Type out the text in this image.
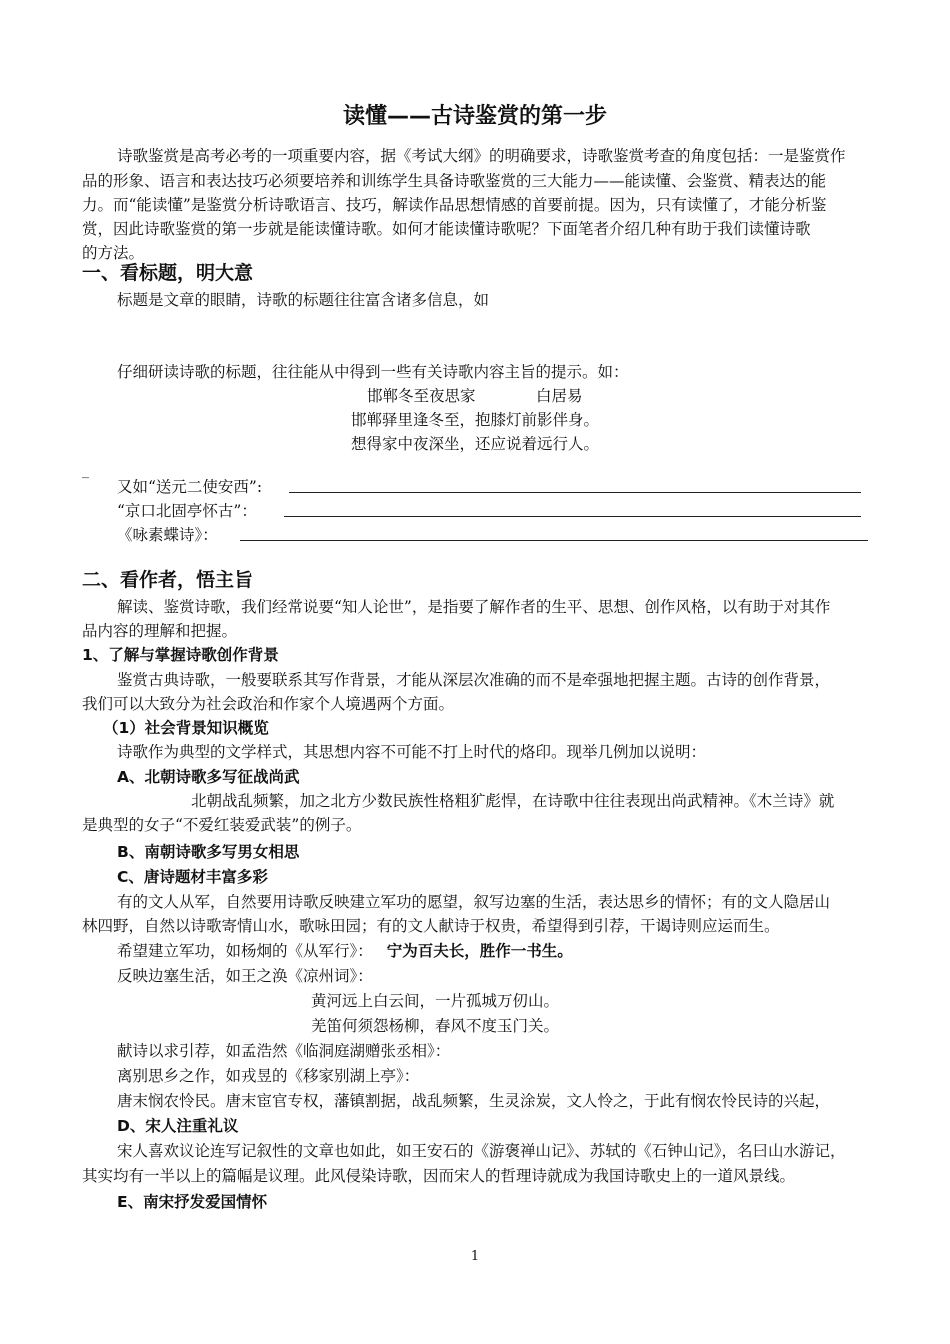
读懂——古诗鉴赏的第一步
诗歌鉴赏是高考必考的一项重要内容，据《考试大纲》的明确要求，诗歌鉴赏考查的角度包括：一是鉴赏作
品的形象、语言和表达技巧必须要培养和训练学生具备诗歌鉴赏的三大能力——能读懂、会鉴赏、精表达的能
力。而“能读懂”是鉴赏分析诗歌语言、技巧，解读作品思想情感的首要前提。因为，只有读懂了，才能分析鉴
赏，因此诗歌鉴赏的第一步就是能读懂诗歌。如何才能读懂诗歌呢？下面笔者介绍几种有助于我们读懂诗歌
的方法。
一、看标题，明大意
标题是文章的眼睛，诗歌的标题往往富含诸多信息，如
仔细研读诗歌的标题，往往能从中得到一些有关诗歌内容主旨的提示。如：
邯郸冬至夜思家	白居易
邯郸驿里逢冬至，抱膝灯前影伴身。
想得家中夜深坐，还应说着远行人。
_
又如“送元二使安西”:
“京口北固亭怀古”：
《咏素蝶诗》：
二、看作者，悟主旨
解读、鉴赏诗歌，我们经常说要“知人论世”，是指要了解作者的生平、思想、创作风格，以有助于对其作
品内容的理解和把握。
1、了解与掌握诗歌创作背景
鉴赏古典诗歌，一般要联系其写作背景，才能从深层次准确的而不是牵强地把握主题。古诗的创作背景，
我们可以大致分为社会政治和作家个人境遇两个方面。
（1）社会背景知识概览
诗歌作为典型的文学样式，其思想内容不可能不打上时代的烙印。现举几例加以说明：
A、北朝诗歌多写征战尚武
北朝战乱频繁，加之北方少数民族性格粗犷彪悍，在诗歌中往往表现出尚武精神。《木兰诗》就
是典型的女子“不爱红装爱武装”的例子。
B、南朝诗歌多写男女相思
C、唐诗题材丰富多彩
有的文人从军，自然要用诗歌反映建立军功的愿望，叙写边塞的生活，表达思乡的情怀；有的文人隐居山
林四野，自然以诗歌寄情山水，歌咏田园；有的文人献诗于权贵，希望得到引荐，干谒诗则应运而生。
希望建立军功，如杨炯的《从军行》： 宁为百夫长，胜作一书生。
反映边塞生活，如王之涣《凉州词》：
黄河远上白云间，一片孤城万仞山。
羌笛何须怨杨柳，春风不度玉门关。
献诗以求引荐，如孟浩然《临洞庭湖赠张丞相》：
离别思乡之作，如戎昱的《移家别湖上亭》：
唐末悯农怜民。唐末宦官专权，藩镇割据，战乱频繁，生灵涂炭，文人怜之，于此有悯农怜民诗的兴起，
D、宋人注重礼议
宋人喜欢议论连写记叙性的文章也如此，如王安石的《游褒禅山记》、苏轼的《石钟山记》，名曰山水游记，
其实均有一半以上的篇幅是议理。此风侵染诗歌，因而宋人的哲理诗就成为我国诗歌史上的一道风景线。
E、南宋抒发爱国情怀
1
